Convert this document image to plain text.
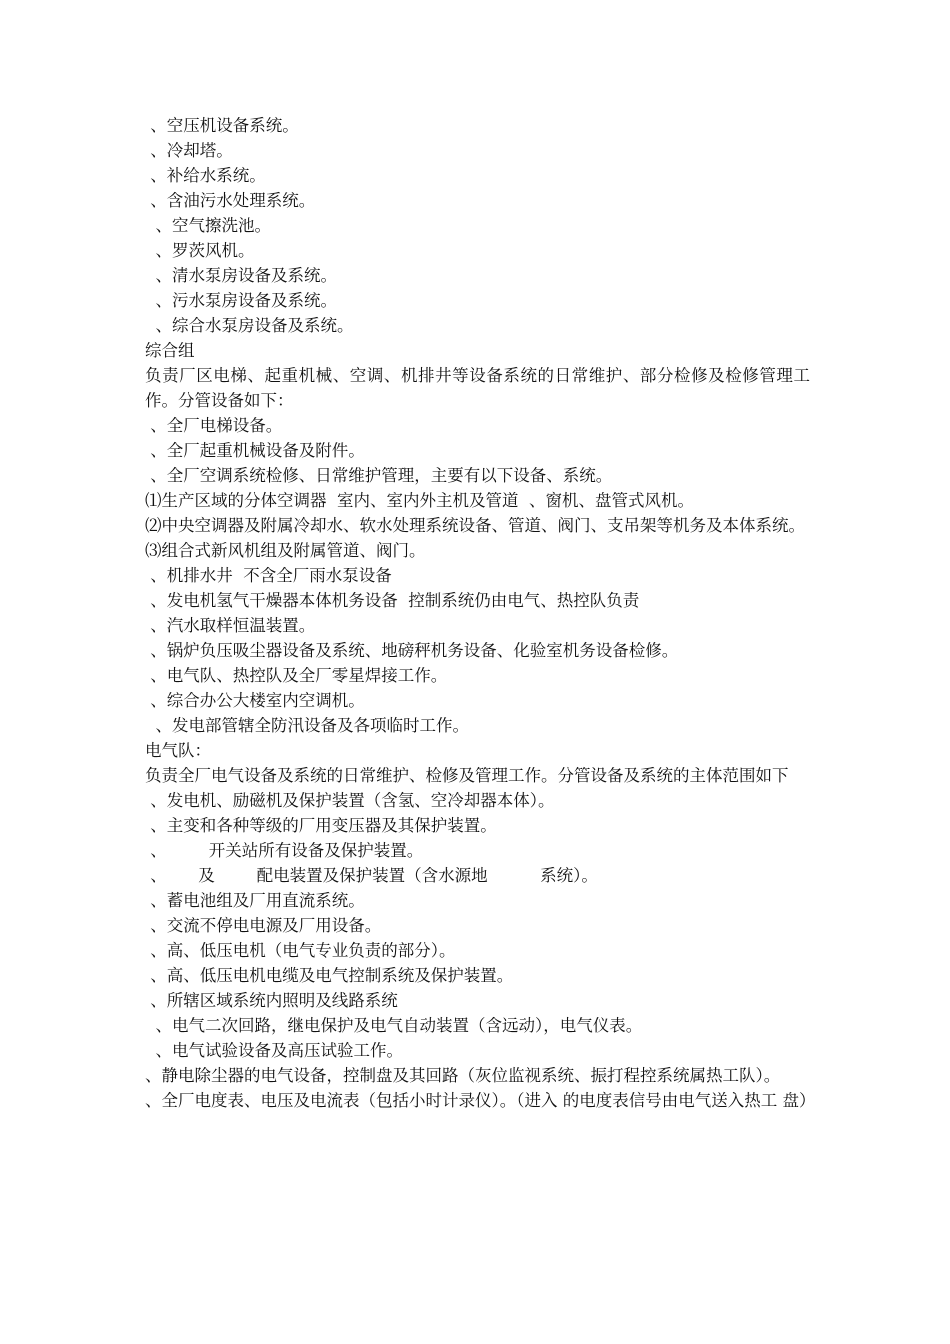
、空压机设备系统。
、冷却塔。
、补给水系统。
、含油污水处理系统。
、空气擦洗池。
、罗茨风机。
、清水泵房设备及系统。
、污水泵房设备及系统。
、综合水泵房设备及系统。
综合组
负责厂区电梯、起重机械、空调、机排井等设备系统的日常维护、部分检修及检修管理工作。分管设备如下：
、全厂电梯设备。
、全厂起重机械设备及附件。
、全厂空调系统检修、日常维护管理，主要有以下设备、系统。
⑴生产区域的分体空调器  室内、室内外主机及管道  、窗机、盘管式风机。
⑵中央空调器及附属冷却水、软水处理系统设备、管道、阀门、支吊架等机务及本体系统。
⑶组合式新风机组及附属管道、阀门。
、机排水井  不含全厂雨水泵设备
、发电机氢气干燥器本体机务设备  控制系统仍由电气、热控队负责
、汽水取样恒温装置。
、锅炉负压吸尘器设备及系统、地磅秤机务设备、化验室机务设备检修。
、电气队、热控队及全厂零星焊接工作。
、综合办公大楼室内空调机。
、发电部管辖全防汛设备及各项临时工作。
电气队：
负责全厂电气设备及系统的日常维护、检修及管理工作。分管设备及系统的主体范围如下
、发电机、励磁机及保护装置（含氢、空冷却器本体）。
、主变和各种等级的厂用变压器及其保护装置。
、        开关站所有设备及保护装置。
、      及        配电装置及保护装置（含水源地          系统）。
、蓄电池组及厂用直流系统。
、交流不停电电源及厂用设备。
、高、低压电机（电气专业负责的部分）。
、高、低压电机电缆及电气控制系统及保护装置。
、所辖区域系统内照明及线路系统
、电气二次回路，继电保护及电气自动装置（含远动），电气仪表。
、电气试验设备及高压试验工作。
、静电除尘器的电气设备，控制盘及其回路（灰位监视系统、振打程控系统属热工队）。
、全厂电度表、电压及电流表（包括小时计录仪）。（进入 的电度表信号由电气送入热工 盘）
